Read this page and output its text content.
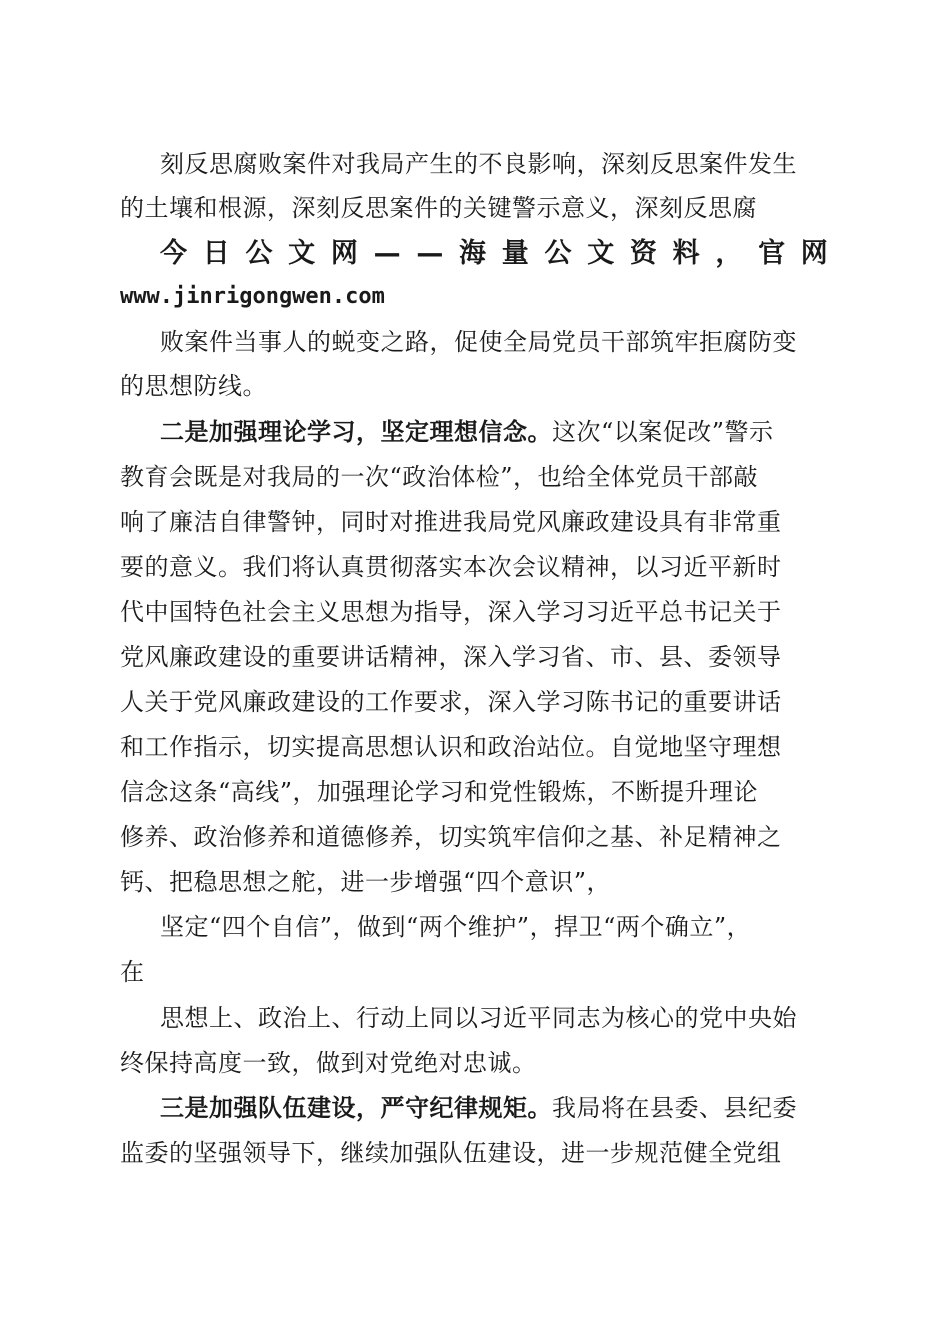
刻反思腐败案件对我局产生的不良影响，深刻反思案件发生
的土壤和根源，深刻反思案件的关键警示意义，深刻反思腐
今 日 公 文 网 — — 海 量 公 文 资 料 ， 官 网
www.jinrigongwen.com
败案件当事人的蜕变之路，促使全局党员干部筑牢拒腐防变
的思想防线。
二是加强理论学习，坚定理想信念。这次“以案促改”警示
教育会既是对我局的一次“政治体检”，也给全体党员干部敲
响了廉洁自律警钟，同时对推进我局党风廉政建设具有非常重
要的意义。我们将认真贯彻落实本次会议精神，以习近平新时
代中国特色社会主义思想为指导，深入学习习近平总书记关于
党风廉政建设的重要讲话精神，深入学习省、市、县、委领导
人关于党风廉政建设的工作要求，深入学习陈书记的重要讲话
和工作指示，切实提高思想认识和政治站位。自觉地坚守理想
信念这条“高线”，加强理论学习和党性锻炼，不断提升理论
修养、政治修养和道德修养，切实筑牢信仰之基、补足精神之
钙、把稳思想之舵，进一步增强“四个意识”，
坚定“四个自信”，做到“两个维护”，捍卫“两个确立”，
在
思想上、政治上、行动上同以习近平同志为核心的党中央始
终保持高度一致，做到对党绝对忠诚。
三是加强队伍建设，严守纪律规矩。我局将在县委、县纪委
监委的坚强领导下，继续加强队伍建设，进一步规范健全党组
